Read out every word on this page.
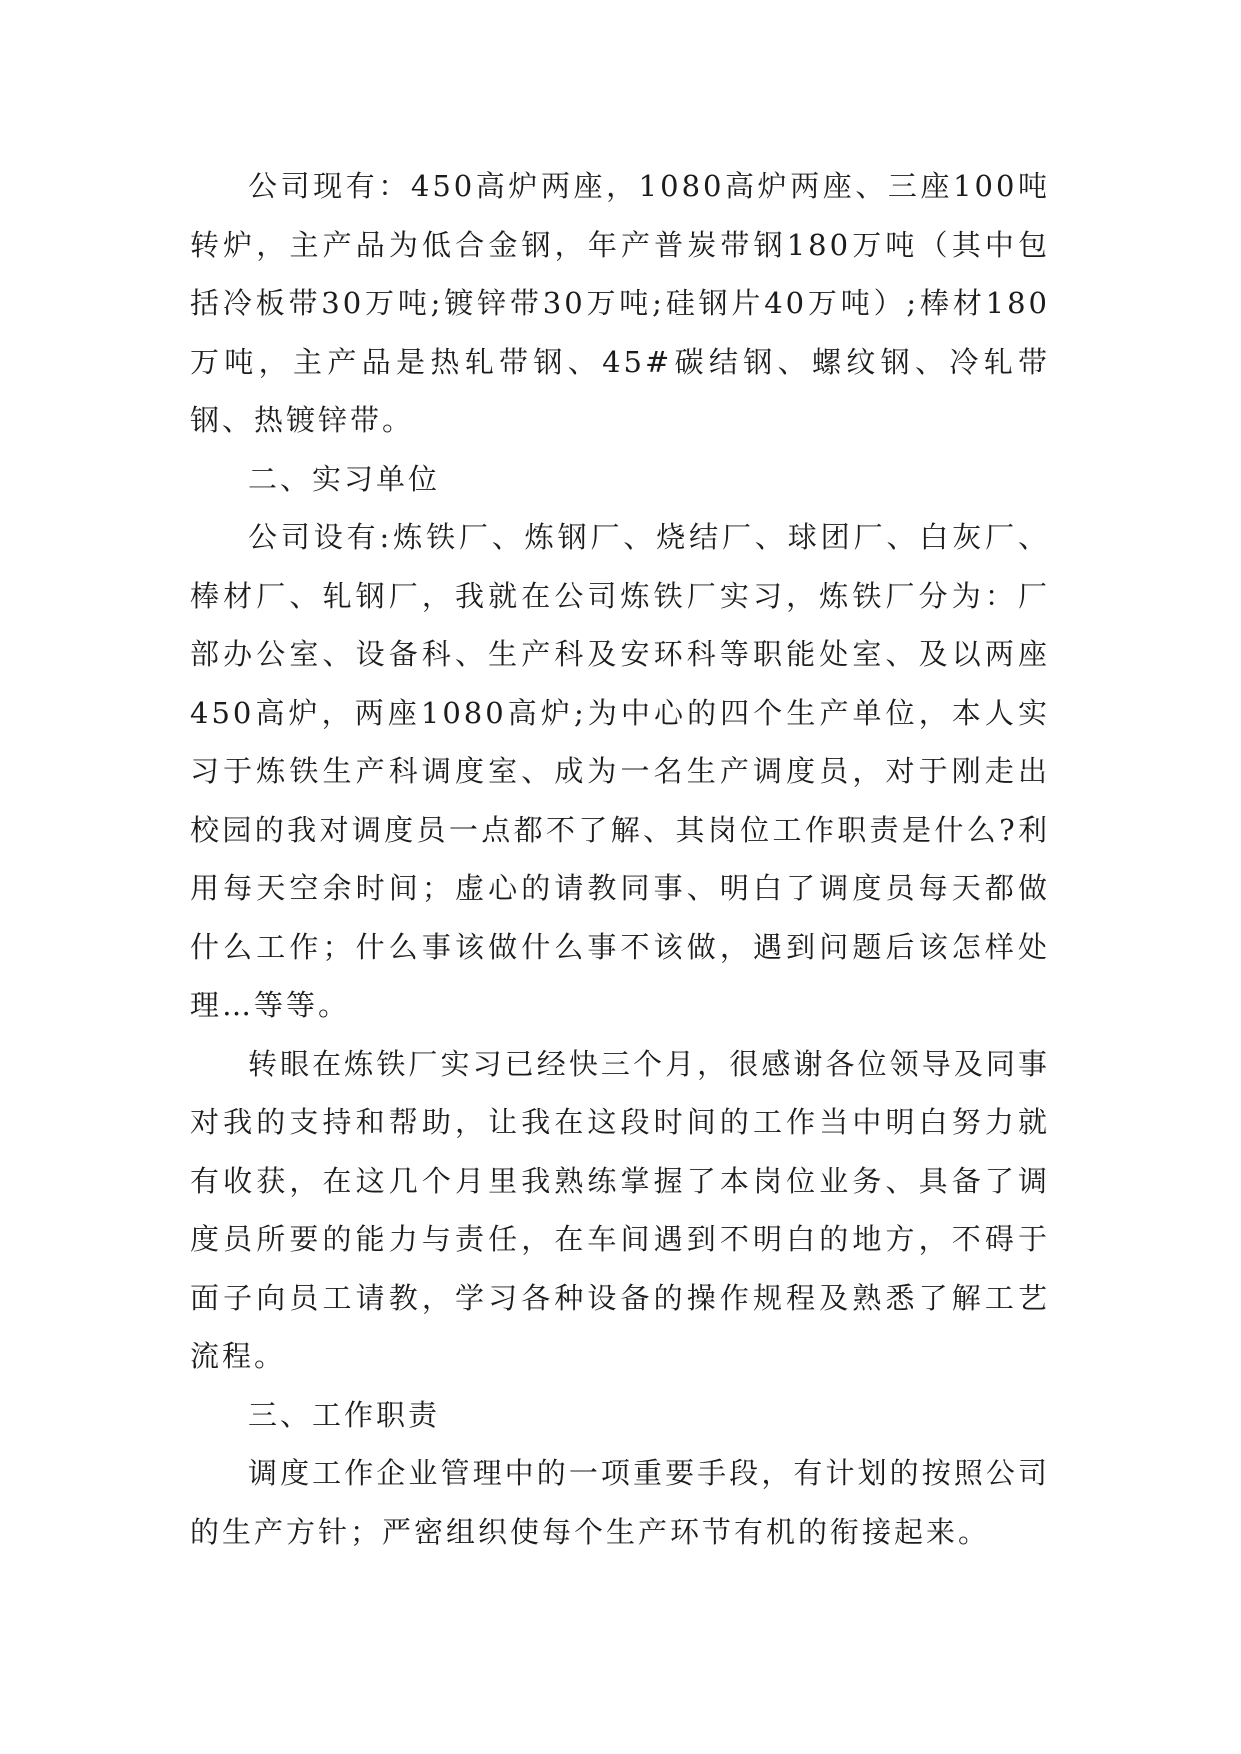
公司现有：450高炉两座，1080高炉两座、三座100吨转炉，主产品为低合金钢，年产普炭带钢180万吨（其中包括冷板带30万吨;镀锌带30万吨;硅钢片40万吨）;棒材180万吨，主产品是热轧带钢、45#碳结钢、螺纹钢、冷轧带钢、热镀锌带。

二、实习单位

公司设有:炼铁厂、炼钢厂、烧结厂、球团厂、白灰厂、棒材厂、轧钢厂，我就在公司炼铁厂实习，炼铁厂分为：厂部办公室、设备科、生产科及安环科等职能处室、及以两座450高炉，两座1080高炉;为中心的四个生产单位，本人实习于炼铁生产科调度室、成为一名生产调度员，对于刚走出校园的我对调度员一点都不了解、其岗位工作职责是什么?利用每天空余时间；虚心的请教同事、明白了调度员每天都做什么工作；什么事该做什么事不该做，遇到问题后该怎样处理…等等。

转眼在炼铁厂实习已经快三个月，很感谢各位领导及同事对我的支持和帮助，让我在这段时间的工作当中明白努力就有收获，在这几个月里我熟练掌握了本岗位业务、具备了调度员所要的能力与责任，在车间遇到不明白的地方，不碍于面子向员工请教，学习各种设备的操作规程及熟悉了解工艺流程。

三、工作职责

调度工作企业管理中的一项重要手段，有计划的按照公司的生产方针；严密组织使每个生产环节有机的衔接起来。
